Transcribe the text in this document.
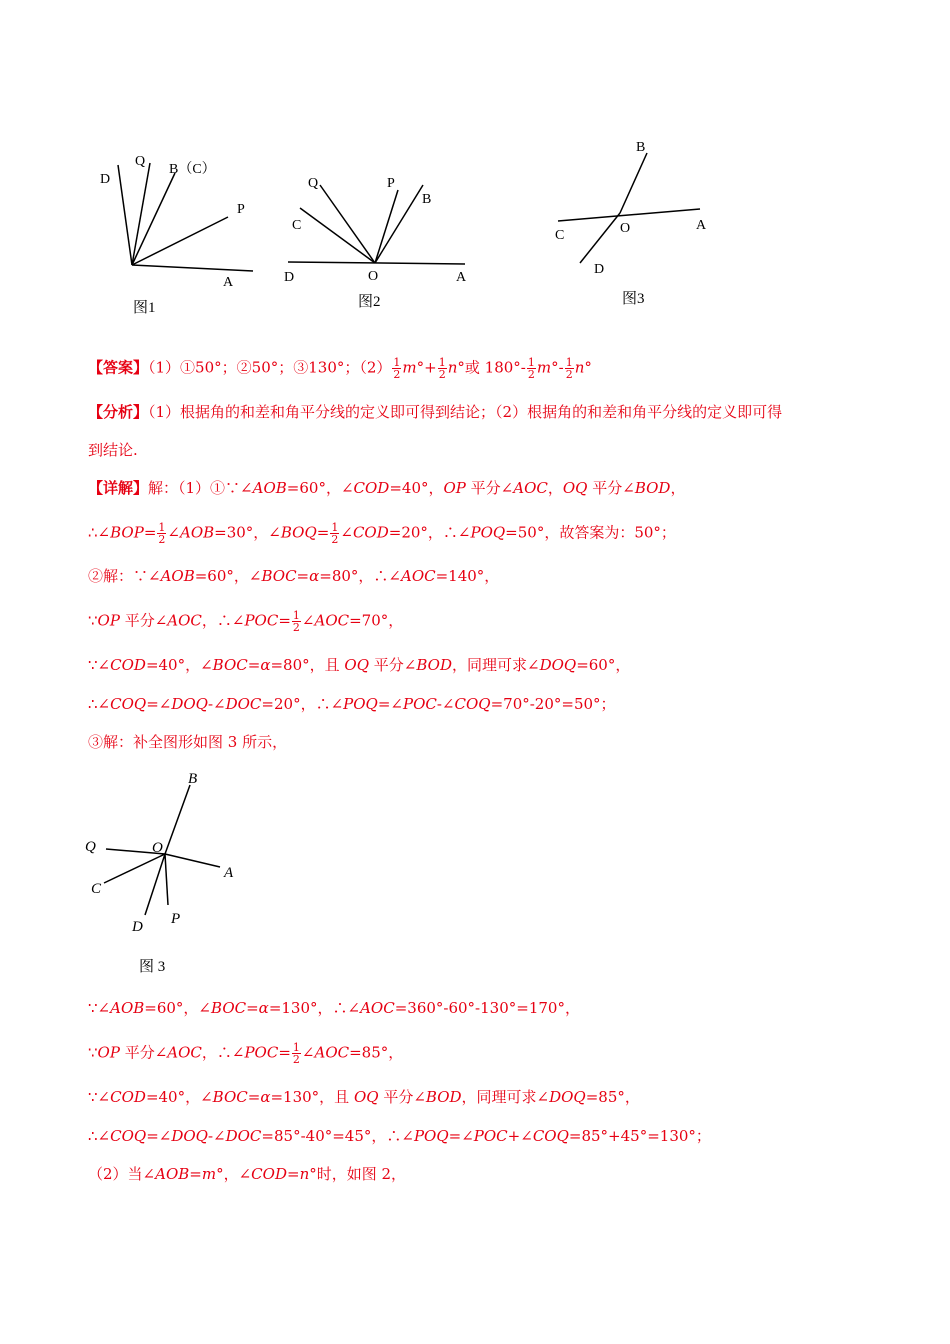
D
Q
B（C）
P
A
图1
Q	P
B
C
D	O	A
图2
B
C	O	A
D
图3
【答案】（1）①50°；②50°；③130°；$(2) \frac{1}{2} m^\circ+ \frac{1}{2} n^\circ$或 $180^\circ- \frac{1}{2} m^\circ- \frac{1}{2} n^\circ$
【分析】（1）根据角的和差和角平分线的定义即可得到结论；（2）根据角的和差和角平分线的定义即可得
到结论.
【详解】解：（1）①∵∠AOB=60°，∠COD=40°，OP 平分∠AOC，OQ 平分∠BOD，
∴∠BOP= $\frac{1}{2}$ ∠AOB=30°，∠BOQ= $\frac{1}{2}$ ∠COD=20°，∴∠POQ=50°，故答案为：50°；
②解：∵∠AOB=60°，∠BOC=α=80°，∴∠AOC=140°，
∵OP 平分∠AOC，∴∠POC= $\frac{1}{2}$ ∠AOC=70°，
∵∠COD=40°，∠BOC=α=80°，且 OQ 平分∠BOD，同理可求∠DOQ=60°，
∴∠COQ=∠DOQ-∠DOC=20°，∴∠POQ=∠POC-∠COQ=70°-20°=50°；
③解：补全图形如图 3 所示，
B
Q	O
A
C
D P
图 3
∵∠AOB=60°，∠BOC=α=130°，∴∠AOC=360°-60°-130°=170°，
∵OP 平分∠AOC，∴∠POC= $\frac{1}{2}$ ∠AOC=85°，
∵∠COD=40°，∠BOC=α=130°，且 OQ 平分∠BOD，同理可求∠DOQ=85°，
∴∠COQ=∠DOQ-∠DOC=85°-40°=45°，∴∠POQ=∠POC+∠COQ=85°+45°=130°；
（2）当∠AOB=m°，∠COD=n°时，如图 2，
